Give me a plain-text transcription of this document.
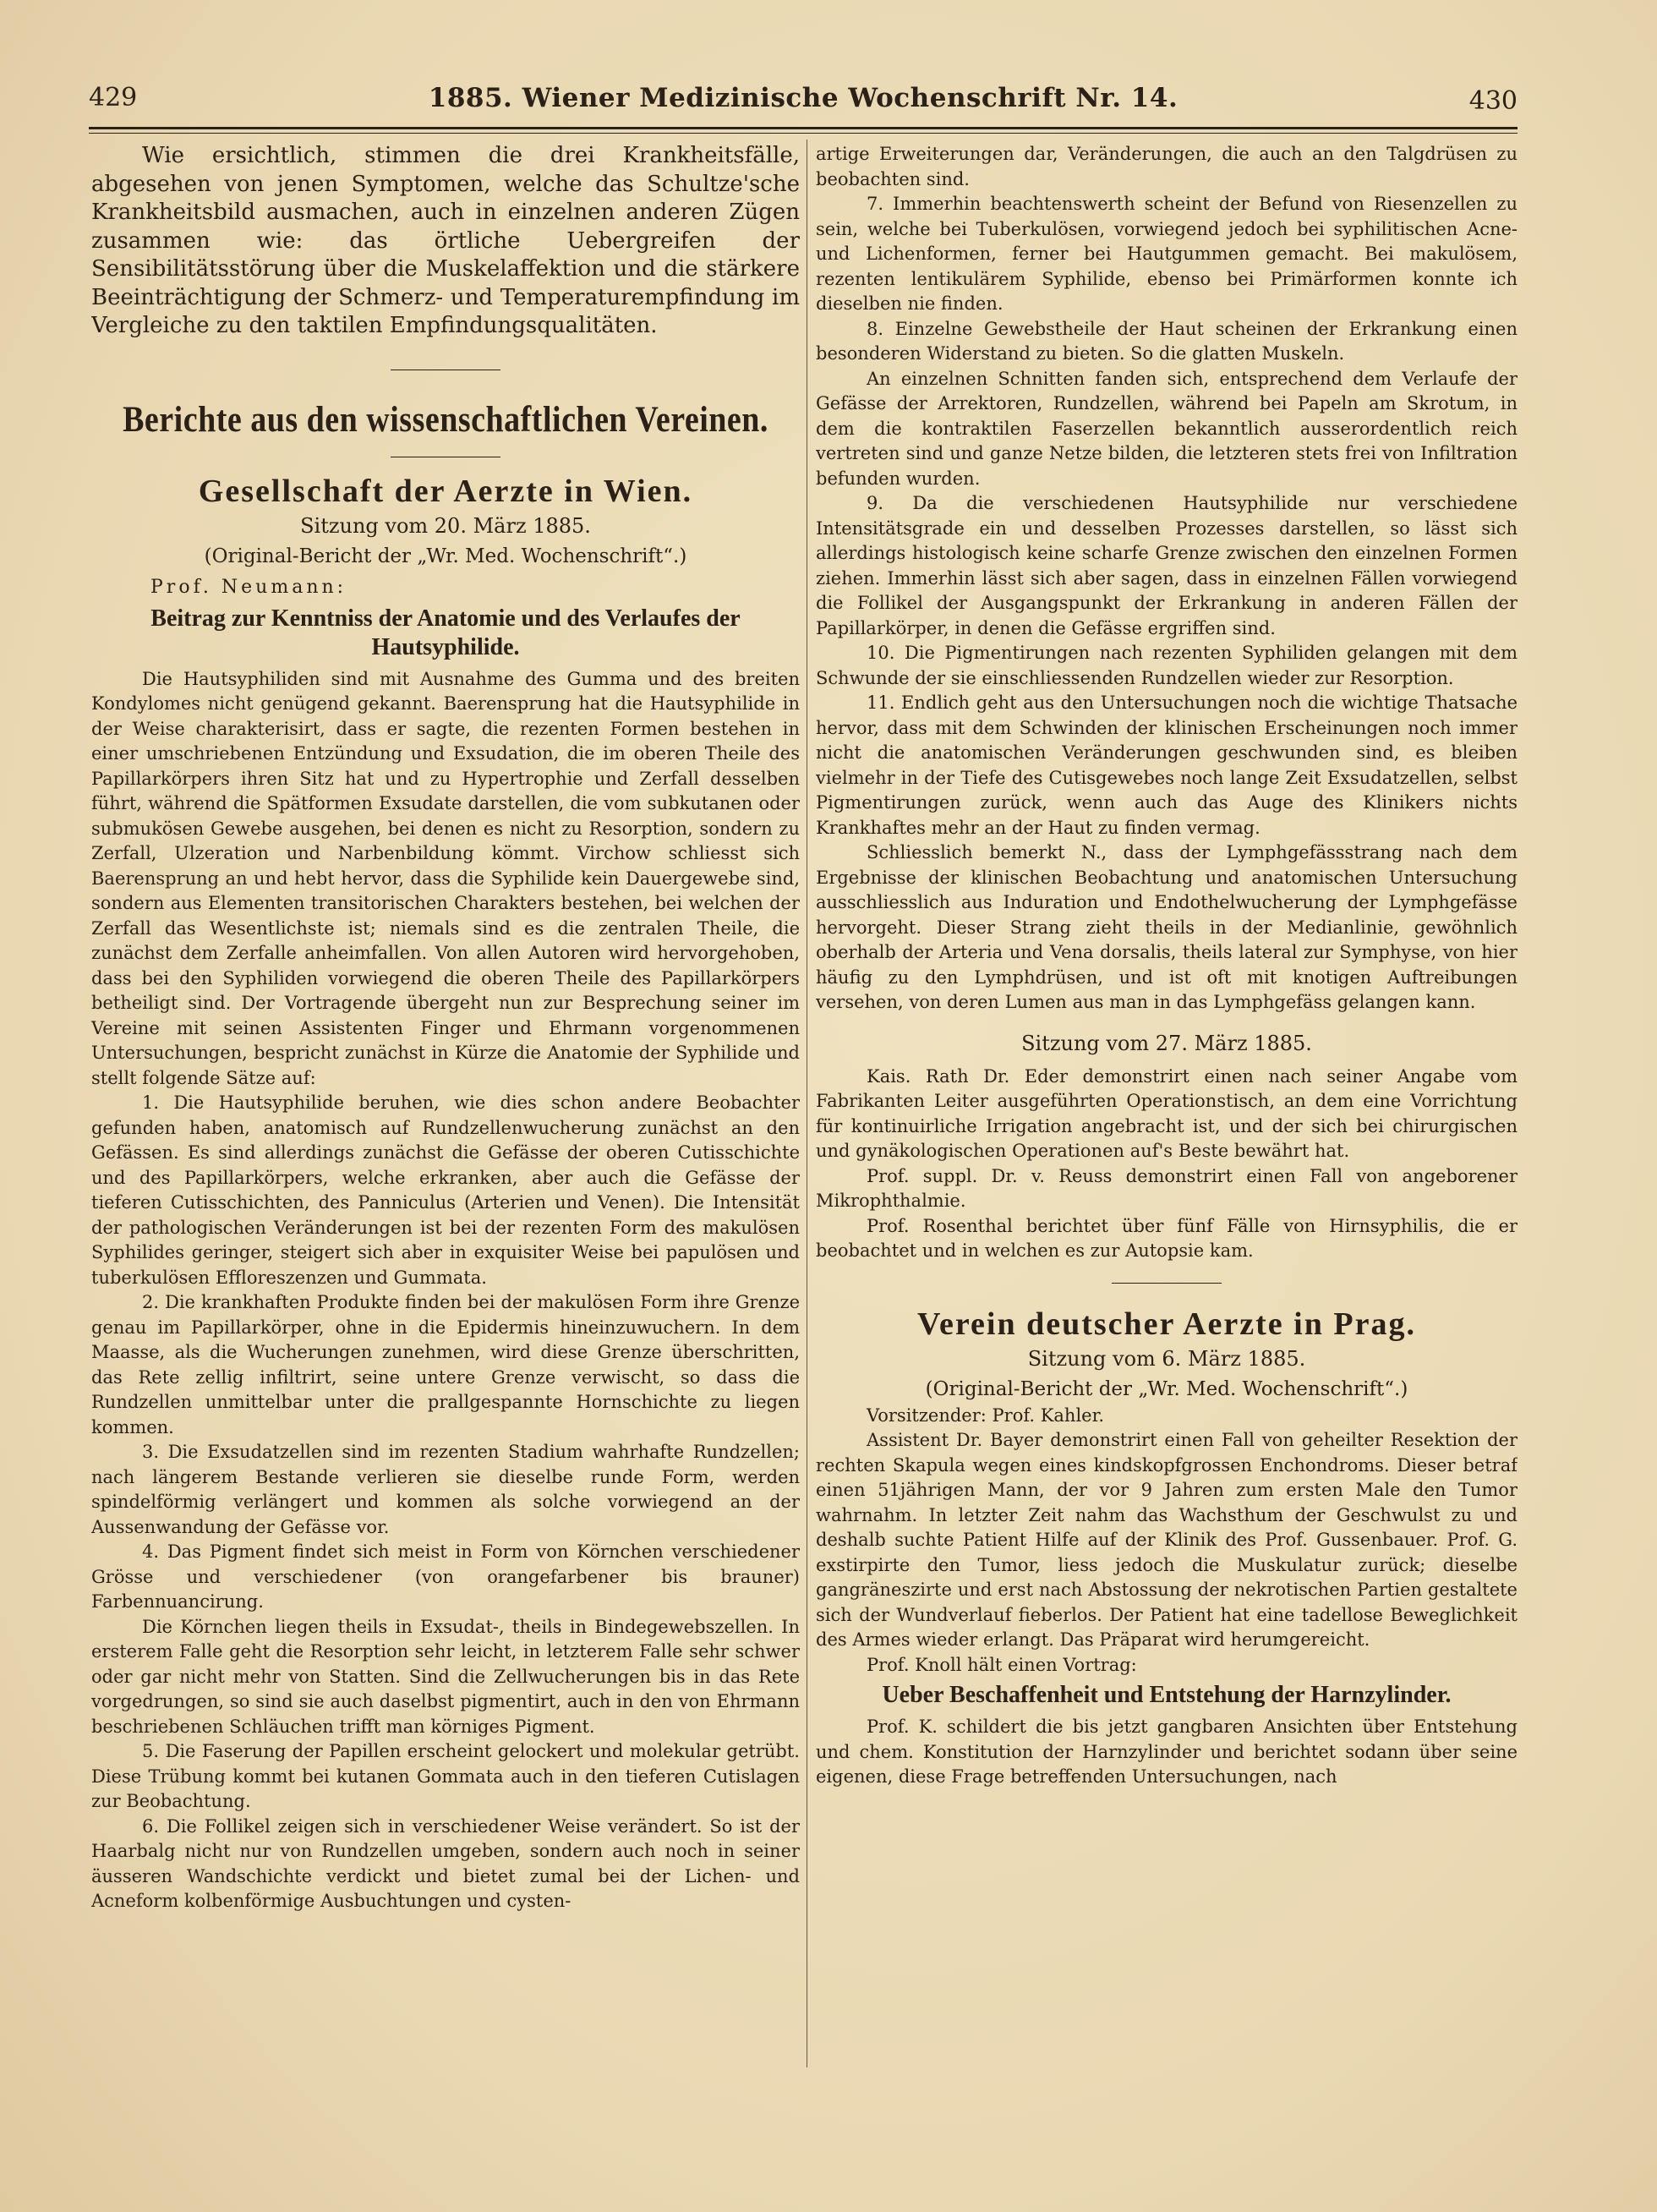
429	1885. Wiener Medizinische Wochenschrift Nr. 14.	430

Wie ersichtlich, stimmen die drei Krankheitsfälle, abgesehen von jenen Symptomen, welche das Schultze'sche Krankheitsbild ausmachen, auch in einzelnen anderen Zügen zusammen wie: das örtliche Uebergreifen der Sensibilitätsstörung über die Muskelaffektion und die stärkere Beeinträchtigung der Schmerz- und Temperaturempfindung im Vergleiche zu den taktilen Empfindungsqualitäten.

Berichte aus den wissenschaftlichen Vereinen.
Gesellschaft der Aerzte in Wien.
Sitzung vom 20. März 1885.
(Original-Bericht der „Wr. Med. Wochenschrift“.)
Prof. Neumann:
Beitrag zur Kenntniss der Anatomie und des Verlaufes der Hautsyphilide.

Die Hautsyphiliden sind mit Ausnahme des Gumma und des breiten Kondylomes nicht genügend gekannt. Baerensprung hat die Hautsyphilide in der Weise charakterisirt, dass er sagte, die rezenten Formen bestehen in einer umschriebenen Entzündung und Exsudation, die im oberen Theile des Papillarkörpers ihren Sitz hat und zu Hypertrophie und Zerfall desselben führt, während die Spätformen Exsudate darstellen, die vom subkutanen oder submukösen Gewebe ausgehen, bei denen es nicht zu Resorption, sondern zu Zerfall, Ulzeration und Narbenbildung kömmt. Virchow schliesst sich Baerensprung an und hebt hervor, dass die Syphilide kein Dauergewebe sind, sondern aus Elementen transitorischen Charakters bestehen, bei welchen der Zerfall das Wesentlichste ist; niemals sind es die zentralen Theile, die zunächst dem Zerfalle anheimfallen. Von allen Autoren wird hervorgehoben, dass bei den Syphiliden vorwiegend die oberen Theile des Papillarkörpers betheiligt sind. Der Vortragende übergeht nun zur Besprechung seiner im Vereine mit seinen Assistenten Finger und Ehrmann vorgenommenen Untersuchungen, bespricht zunächst in Kürze die Anatomie der Syphilide und stellt folgende Sätze auf:

1. Die Hautsyphilide beruhen, wie dies schon andere Beobachter gefunden haben, anatomisch auf Rundzellenwucherung zunächst an den Gefässen. Es sind allerdings zunächst die Gefässe der oberen Cutisschichte und des Papillarkörpers, welche erkranken, aber auch die Gefässe der tieferen Cutisschichten, des Panniculus (Arterien und Venen). Die Intensität der pathologischen Veränderungen ist bei der rezenten Form des makulösen Syphilides geringer, steigert sich aber in exquisiter Weise bei papulösen und tuberkulösen Effloreszenzen und Gummata.

2. Die krankhaften Produkte finden bei der makulösen Form ihre Grenze genau im Papillarkörper, ohne in die Epidermis hineinzuwuchern. In dem Maasse, als die Wucherungen zunehmen, wird diese Grenze überschritten, das Rete zellig infiltrirt, seine untere Grenze verwischt, so dass die Rundzellen unmittelbar unter die prallgespannte Hornschichte zu liegen kommen.

3. Die Exsudatzellen sind im rezenten Stadium wahrhafte Rundzellen; nach längerem Bestande verlieren sie dieselbe runde Form, werden spindelförmig verlängert und kommen als solche vorwiegend an der Aussenwandung der Gefässe vor.

4. Das Pigment findet sich meist in Form von Körnchen verschiedener Grösse und verschiedener (von orangefarbener bis brauner) Farbennuancirung.

Die Körnchen liegen theils in Exsudat-, theils in Bindegewebszellen. In ersterem Falle geht die Resorption sehr leicht, in letzterem Falle sehr schwer oder gar nicht mehr von Statten. Sind die Zellwucherungen bis in das Rete vorgedrungen, so sind sie auch daselbst pigmentirt, auch in den von Ehrmann beschriebenen Schläuchen trifft man körniges Pigment.

5. Die Faserung der Papillen erscheint gelockert und molekular getrübt. Diese Trübung kommt bei kutanen Gommata auch in den tieferen Cutislagen zur Beobachtung.

6. Die Follikel zeigen sich in verschiedener Weise verändert. So ist der Haarbalg nicht nur von Rundzellen umgeben, sondern auch noch in seiner äusseren Wandschichte verdickt und bietet zumal bei der Lichen- und Acneform kolbenförmige Ausbuchtungen und cysten-

artige Erweiterungen dar, Veränderungen, die auch an den Talgdrüsen zu beobachten sind.

7. Immerhin beachtenswerth scheint der Befund von Riesenzellen zu sein, welche bei Tuberkulösen, vorwiegend jedoch bei syphilitischen Acne- und Lichenformen, ferner bei Hautgummen gemacht. Bei makulösem, rezenten lentikulärem Syphilide, ebenso bei Primärformen konnte ich dieselben nie finden.

8. Einzelne Gewebstheile der Haut scheinen der Erkrankung einen besonderen Widerstand zu bieten. So die glatten Muskeln.

An einzelnen Schnitten fanden sich, entsprechend dem Verlaufe der Gefässe der Arrektoren, Rundzellen, während bei Papeln am Skrotum, in dem die kontraktilen Faserzellen bekanntlich ausserordentlich reich vertreten sind und ganze Netze bilden, die letzteren stets frei von Infiltration befunden wurden.

9. Da die verschiedenen Hautsyphilide nur verschiedene Intensitätsgrade ein und desselben Prozesses darstellen, so lässt sich allerdings histologisch keine scharfe Grenze zwischen den einzelnen Formen ziehen. Immerhin lässt sich aber sagen, dass in einzelnen Fällen vorwiegend die Follikel der Ausgangspunkt der Erkrankung in anderen Fällen der Papillarkörper, in denen die Gefässe ergriffen sind.

10. Die Pigmentirungen nach rezenten Syphiliden gelangen mit dem Schwunde der sie einschliessenden Rundzellen wieder zur Resorption.

11. Endlich geht aus den Untersuchungen noch die wichtige Thatsache hervor, dass mit dem Schwinden der klinischen Erscheinungen noch immer nicht die anatomischen Veränderungen geschwunden sind, es bleiben vielmehr in der Tiefe des Cutisgewebes noch lange Zeit Exsudatzellen, selbst Pigmentirungen zurück, wenn auch das Auge des Klinikers nichts Krankhaftes mehr an der Haut zu finden vermag.

Schliesslich bemerkt N., dass der Lymphgefässstrang nach dem Ergebnisse der klinischen Beobachtung und anatomischen Untersuchung ausschliesslich aus Induration und Endothelwucherung der Lymphgefässe hervorgeht. Dieser Strang zieht theils in der Medianlinie, gewöhnlich oberhalb der Arteria und Vena dorsalis, theils lateral zur Symphyse, von hier häufig zu den Lymphdrüsen, und ist oft mit knotigen Auftreibungen versehen, von deren Lumen aus man in das Lymphgefäss gelangen kann.

Sitzung vom 27. März 1885.

Kais. Rath Dr. Eder demonstrirt einen nach seiner Angabe vom Fabrikanten Leiter ausgeführten Operationstisch, an dem eine Vorrichtung für kontinuirliche Irrigation angebracht ist, und der sich bei chirurgischen und gynäkologischen Operationen auf's Beste bewährt hat.

Prof. suppl. Dr. v. Reuss demonstrirt einen Fall von angeborener Mikrophthalmie.

Prof. Rosenthal berichtet über fünf Fälle von Hirnsyphilis, die er beobachtet und in welchen es zur Autopsie kam.

Verein deutscher Aerzte in Prag.
Sitzung vom 6. März 1885.
(Original-Bericht der „Wr. Med. Wochenschrift“.)

Vorsitzender: Prof. Kahler.

Assistent Dr. Bayer demonstrirt einen Fall von geheilter Resektion der rechten Skapula wegen eines kindskopfgrossen Enchondroms. Dieser betraf einen 51jährigen Mann, der vor 9 Jahren zum ersten Male den Tumor wahrnahm. In letzter Zeit nahm das Wachsthum der Geschwulst zu und deshalb suchte Patient Hilfe auf der Klinik des Prof. Gussenbauer. Prof. G. exstirpirte den Tumor, liess jedoch die Muskulatur zurück; dieselbe gangräneszirte und erst nach Abstossung der nekrotischen Partien gestaltete sich der Wundverlauf fieberlos. Der Patient hat eine tadellose Beweglichkeit des Armes wieder erlangt. Das Präparat wird herumgereicht.

Prof. Knoll hält einen Vortrag:

Ueber Beschaffenheit und Entstehung der Harnzylinder.

Prof. K. schildert die bis jetzt gangbaren Ansichten über Entstehung und chem. Konstitution der Harnzylinder und berichtet sodann über seine eigenen, diese Frage betreffenden Untersuchungen, nach
